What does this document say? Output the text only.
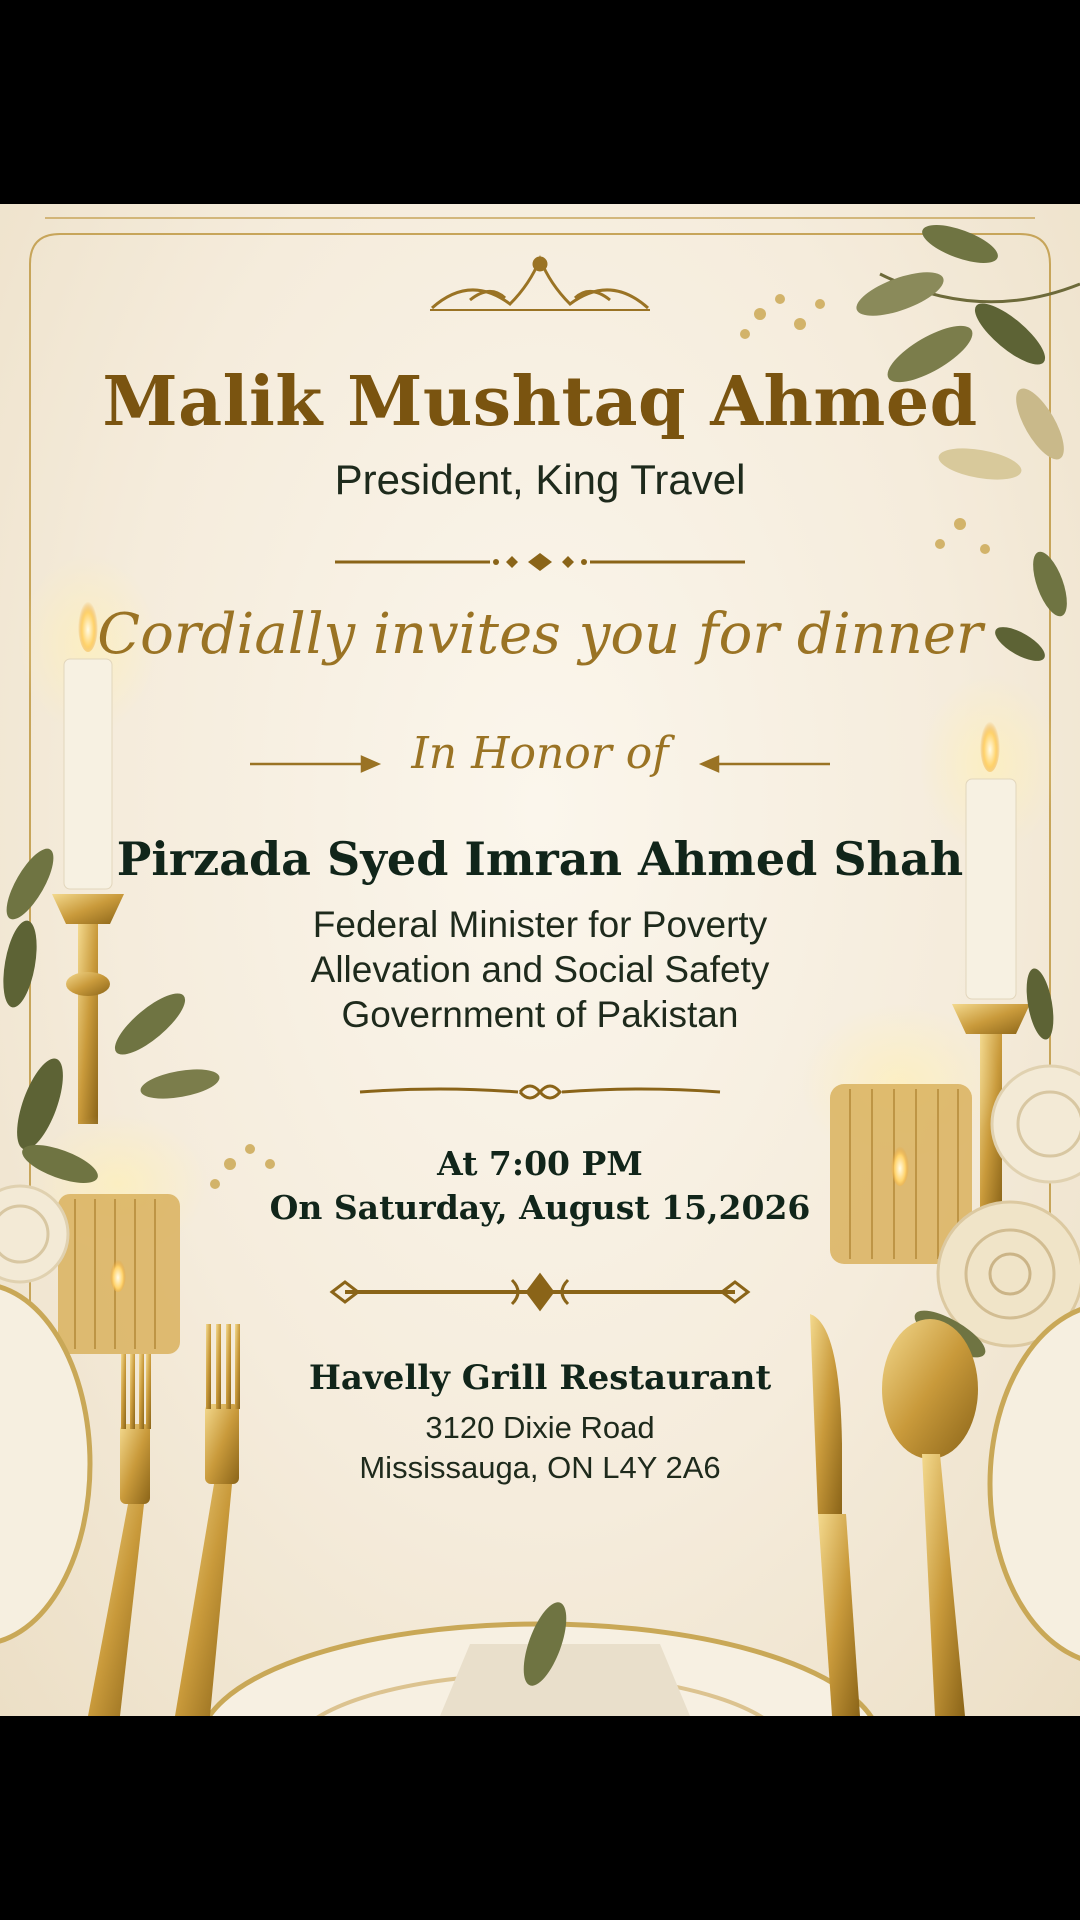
Malik Mushtaq Ahmed
President, King Travel
Cordially invites you for dinner
In Honor of
Pirzada Syed Imran Ahmed Shah
Federal Minister for Poverty
Allevation and Social Safety
Government of Pakistan
At 7:00 PM
On Saturday, August 15,2026
Havelly Grill Restaurant
3120 Dixie Road
Mississauga, ON L4Y 2A6
